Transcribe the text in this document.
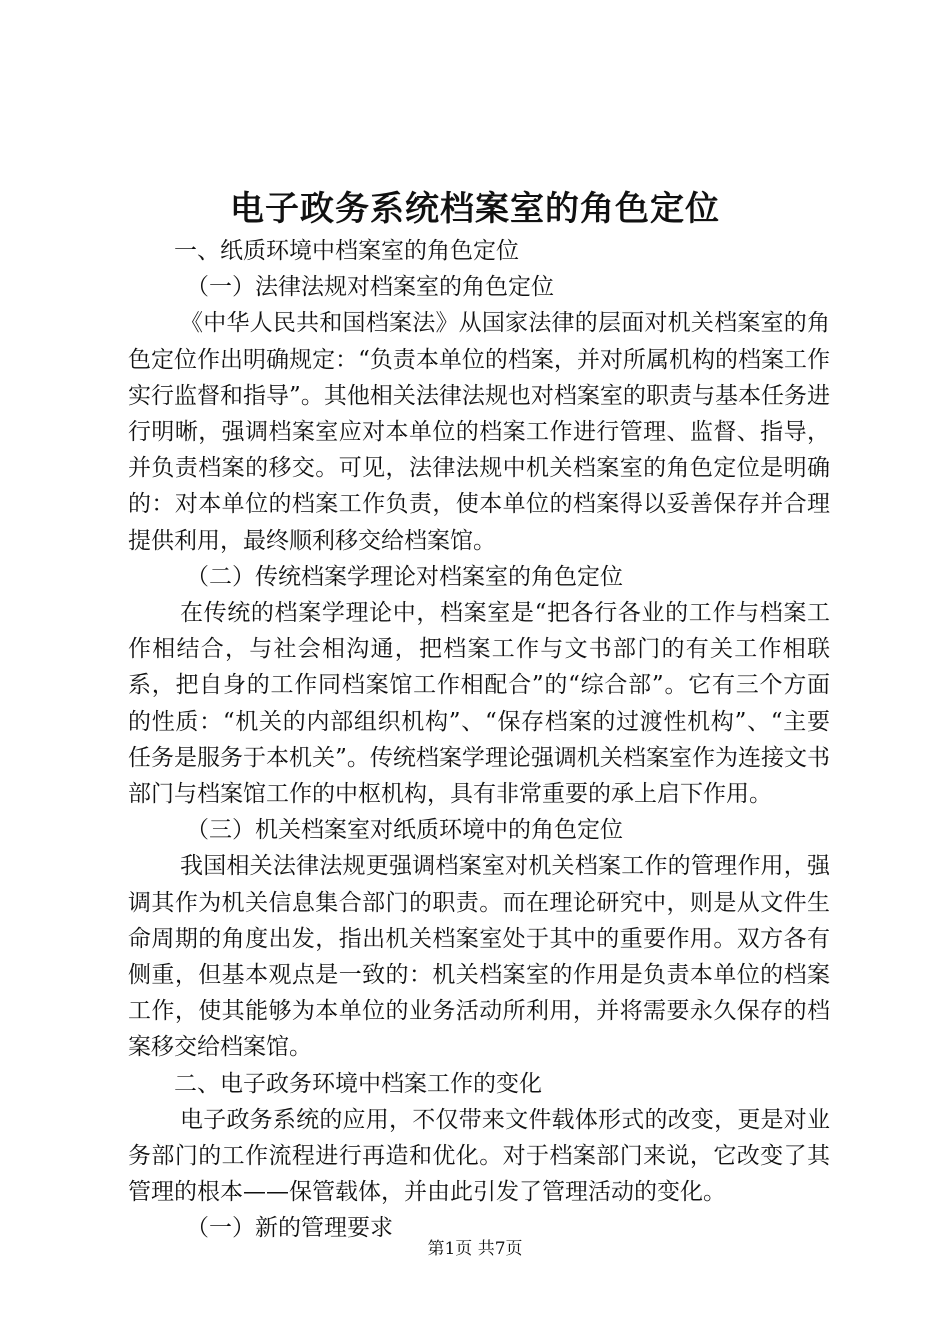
电子政务系统档案室的角色定位

一、纸质环境中档案室的角色定位

（一）法律法规对档案室的角色定位

《中华人民共和国档案法》从国家法律的层面对机关档案室的角色定位作出明确规定：“负责本单位的档案，并对所属机构的档案工作实行监督和指导”。其他相关法律法规也对档案室的职责与基本任务进行明晰，强调档案室应对本单位的档案工作进行管理、监督、指导，并负责档案的移交。可见，法律法规中机关档案室的角色定位是明确的：对本单位的档案工作负责，使本单位的档案得以妥善保存并合理提供利用，最终顺利移交给档案馆。

（二）传统档案学理论对档案室的角色定位

在传统的档案学理论中，档案室是“把各行各业的工作与档案工作相结合，与社会相沟通，把档案工作与文书部门的有关工作相联系，把自身的工作同档案馆工作相配合”的“综合部”。它有三个方面的性质：“机关的内部组织机构”、“保存档案的过渡性机构”、“主要任务是服务于本机关”。传统档案学理论强调机关档案室作为连接文书部门与档案馆工作的中枢机构，具有非常重要的承上启下作用。

（三）机关档案室对纸质环境中的角色定位

我国相关法律法规更强调档案室对机关档案工作的管理作用，强调其作为机关信息集合部门的职责。而在理论研究中，则是从文件生命周期的角度出发，指出机关档案室处于其中的重要作用。双方各有侧重，但基本观点是一致的：机关档案室的作用是负责本单位的档案工作，使其能够为本单位的业务活动所利用，并将需要永久保存的档案移交给档案馆。

二、电子政务环境中档案工作的变化

电子政务系统的应用，不仅带来文件载体形式的改变，更是对业务部门的工作流程进行再造和优化。对于档案部门来说，它改变了其管理的根本——保管载体，并由此引发了管理活动的变化。

（一）新的管理要求

第1页 共7页
